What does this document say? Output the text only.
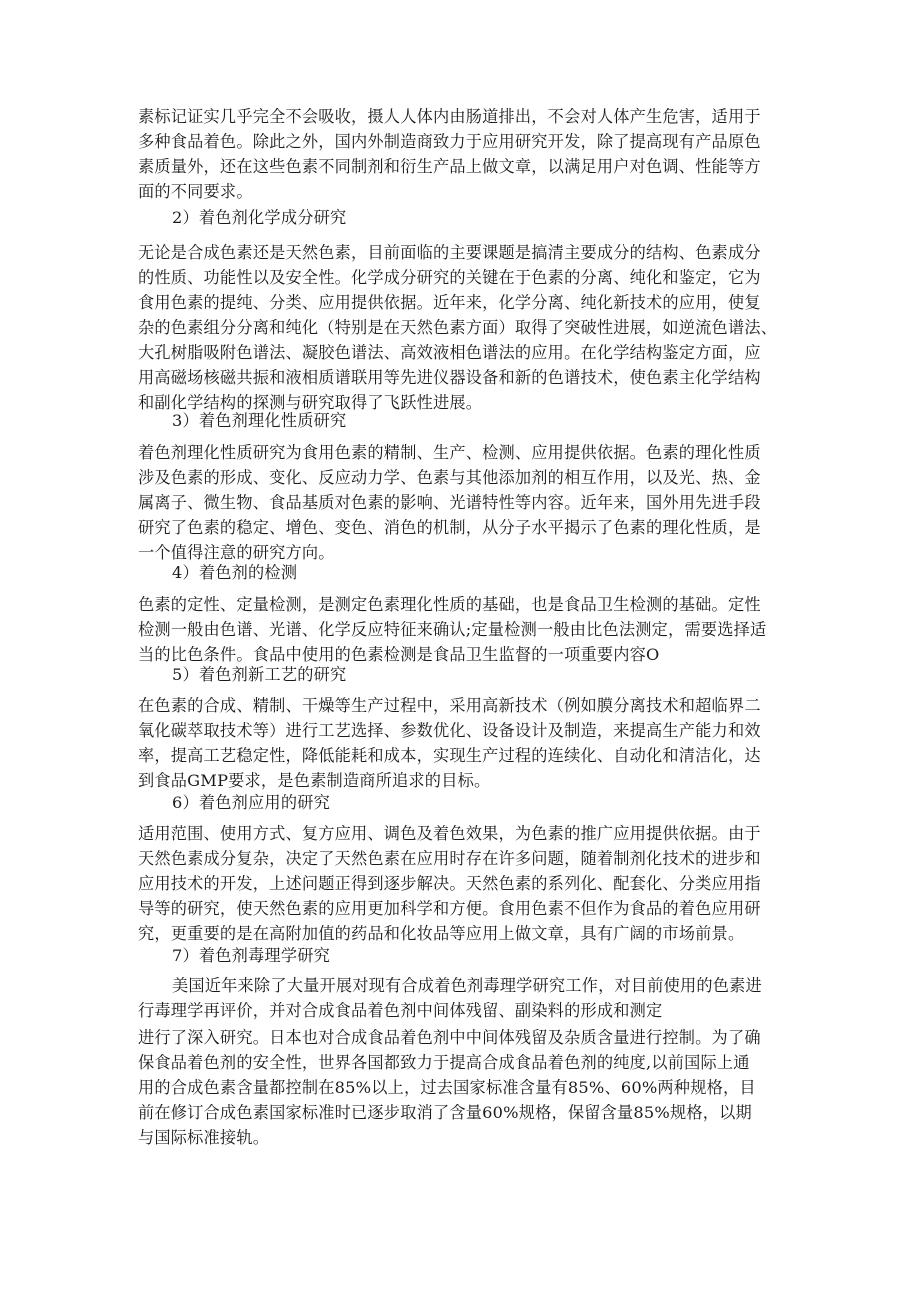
素标记证实几乎完全不会吸收，摄人人体内由肠道排出，不会对人体产生危害，适用于
多种食品着色。除此之外，国内外制造商致力于应用研究开发，除了提高现有产品原色
素质量外，还在这些色素不同制剂和衍生产品上做文章，以满足用户对色调、性能等方
面的不同要求。
2）着色剂化学成分研究
无论是合成色素还是天然色素，目前面临的主要课题是搞清主要成分的结构、色素成分
的性质、功能性以及安全性。化学成分研究的关键在于色素的分离、纯化和鉴定，它为
食用色素的提纯、分类、应用提供依据。近年来，化学分离、纯化新技术的应用，使复
杂的色素组分分离和纯化（特别是在天然色素方面）取得了突破性进展，如逆流色谱法、
大孔树脂吸附色谱法、凝胶色谱法、高效液相色谱法的应用。在化学结构鉴定方面，应
用高磁场核磁共振和液相质谱联用等先进仪器设备和新的色谱技术，使色素主化学结构
和副化学结构的探测与研究取得了飞跃性进展。
3）着色剂理化性质研究
着色剂理化性质研究为食用色素的精制、生产、检测、应用提供依据。色素的理化性质
涉及色素的形成、变化、反应动力学、色素与其他添加剂的相互作用，以及光、热、金
属离子、微生物、食品基质对色素的影响、光谱特性等内容。近年来，国外用先进手段
研究了色素的稳定、增色、变色、消色的机制，从分子水平揭示了色素的理化性质，是
一个值得注意的研究方向。
4）着色剂的检测
色素的定性、定量检测，是测定色素理化性质的基础，也是食品卫生检测的基础。定性
检测一般由色谱、光谱、化学反应特征来确认;定量检测一般由比色法测定，需要选择适
当的比色条件。食品中使用的色素检测是食品卫生监督的一项重要内容O
5）着色剂新工艺的研究
在色素的合成、精制、干燥等生产过程中，采用高新技术（例如膜分离技术和超临界二
氧化碳萃取技术等）进行工艺选择、参数优化、设备设计及制造，来提高生产能力和效
率，提高工艺稳定性，降低能耗和成本，实现生产过程的连续化、自动化和清洁化，达
到食品GMP要求，是色素制造商所追求的目标。
6）着色剂应用的研究
适用范围、使用方式、复方应用、调色及着色效果，为色素的推广应用提供依据。由于
天然色素成分复杂，决定了天然色素在应用时存在许多问题，随着制剂化技术的进步和
应用技术的开发，上述问题正得到逐步解决。天然色素的系列化、配套化、分类应用指
导等的研究，使天然色素的应用更加科学和方便。食用色素不但作为食品的着色应用研
究，更重要的是在高附加值的药品和化妆品等应用上做文章，具有广阔的市场前景。
7）着色剂毒理学研究
美国近年来除了大量开展对现有合成着色剂毒理学研究工作，对目前使用的色素进
行毒理学再评价，并对合成食品着色剂中间体残留、副染料的形成和测定
进行了深入研究。日本也对合成食品着色剂中中间体残留及杂质含量进行控制。为了确
保食品着色剂的安全性，世界各国都致力于提高合成食品着色剂的纯度,以前国际上通
用的合成色素含量都控制在85%以上，过去国家标准含量有85%、60%两种规格，目
前在修订合成色素国家标准时已逐步取消了含量60%规格，保留含量85%规格，以期
与国际标准接轨。
